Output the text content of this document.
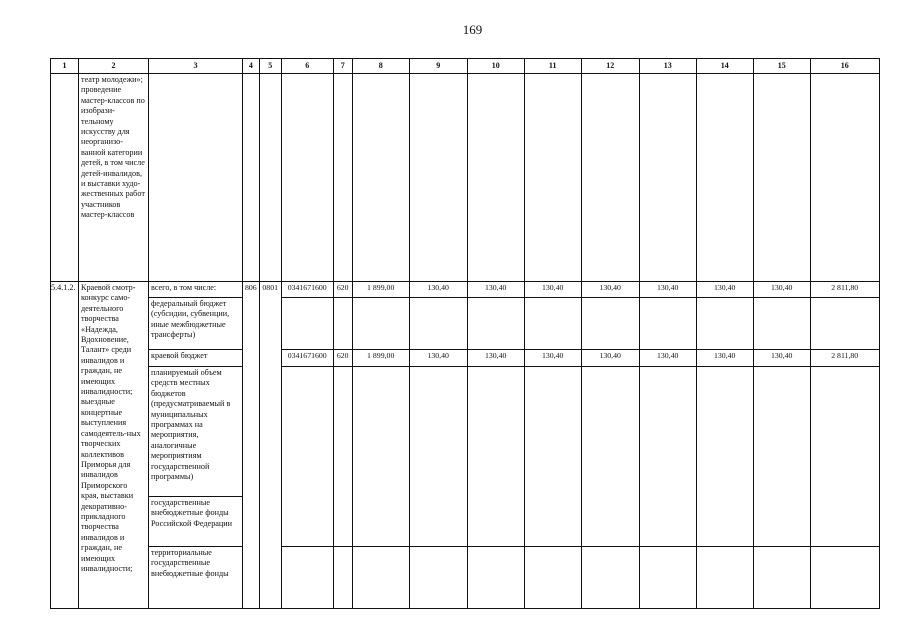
169
1	2	3	4	5	6	7	8	9	10	11	12	13	14	15	16
	театр молодежи»; проведение мастер-классов по изобрази-тельному искусству для неорганизо-ванной категории детей, в том числе детей-инвалидов, и выставки худо-жественных работ участников мастер-классов														
5.4.1.2.	Краевой смотр-конкурс само-деятельного творчества «Надежда, Вдохновение, Талант» среди инвалидов и граждан, не имеющих инвалидности; выездные концертные выступления самодеятель-ных творческих коллективов Приморья для инвалидов Приморского края, выставки декоративно-прикладного творчества инвалидов и граждан, не имеющих инвалидности;	всего, в том числе:	806	0801	0341671600	620	1 899,00	130,40	130,40	130,40	130,40	130,40	130,40	130,40	2 811,80
		федеральный бюджет (субсидии, субвенции, иные межбюджетные трансферты)													
		краевой бюджет			0341671600	620	1 899,00	130,40	130,40	130,40	130,40	130,40	130,40	130,40	2 811,80
		планируемый объем средств местных бюджетов (предусматриваемый в муниципальных программах на мероприятия, аналогичные мероприятиям государственной программы)													
		государственные внебюджетные фонды Российской Федерации													
		территориальные государственные внебюджетные фонды													
